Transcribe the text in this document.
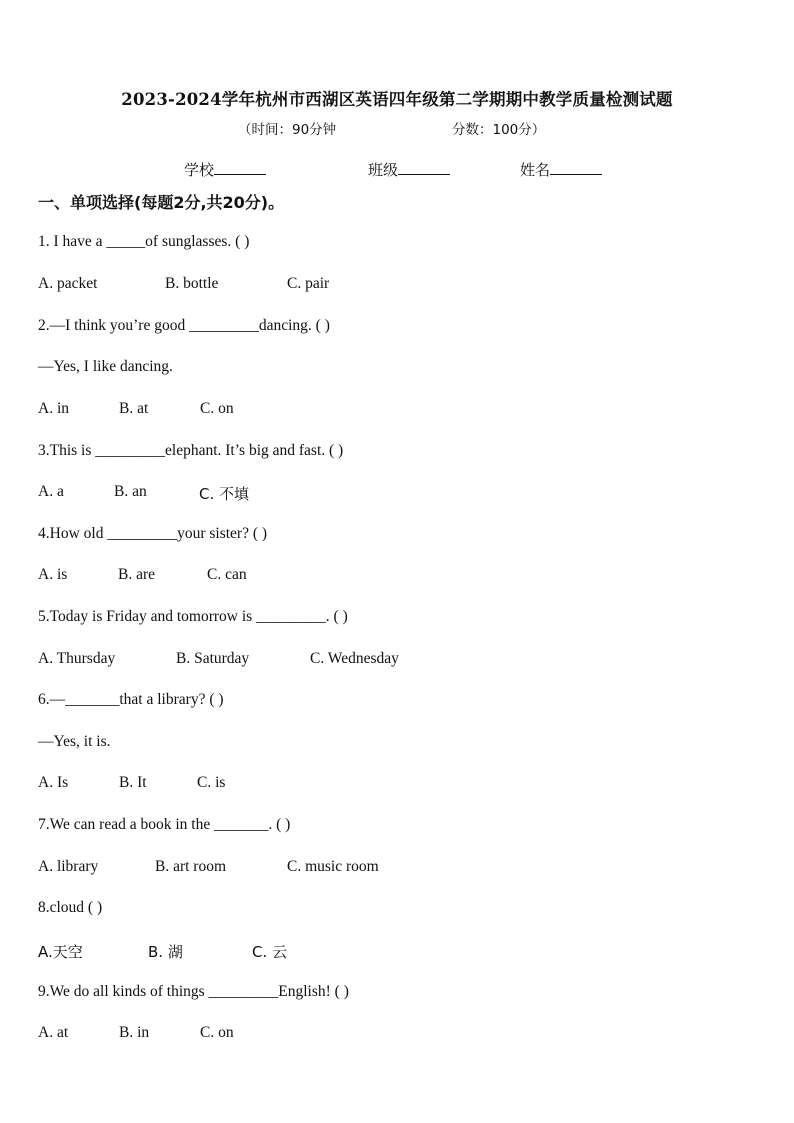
2023-2024学年杭州市西湖区英语四年级第二学期期中教学质量检测试题
（时间：90分钟	分数：100分）
学校	班级	姓名
一、单项选择(每题2分,共20分)。
1. I have a _____of sunglasses. ( )
A. packet	B. bottle	C. pair
2.—I think you’re good _________dancing. ( )
—Yes, I like dancing.
A. in	B. at	C. on
3.This is _________elephant. It’s big and fast. ( )
A. a	B. an	C. 不填
4.How old _________your sister? ( )
A. is	B. are	C. can
5.Today is Friday and tomorrow is _________. ( )
A. Thursday	B. Saturday	C. Wednesday
6.—_______that a library? ( )
—Yes, it is.
A. Is	B. It	C. is
7.We can read a book in the _______. ( )
A. library	B. art room	C. music room
8.cloud ( )
A.天空	B. 湖	C. 云
9.We do all kinds of things _________English! ( )
A. at	B. in	C. on
